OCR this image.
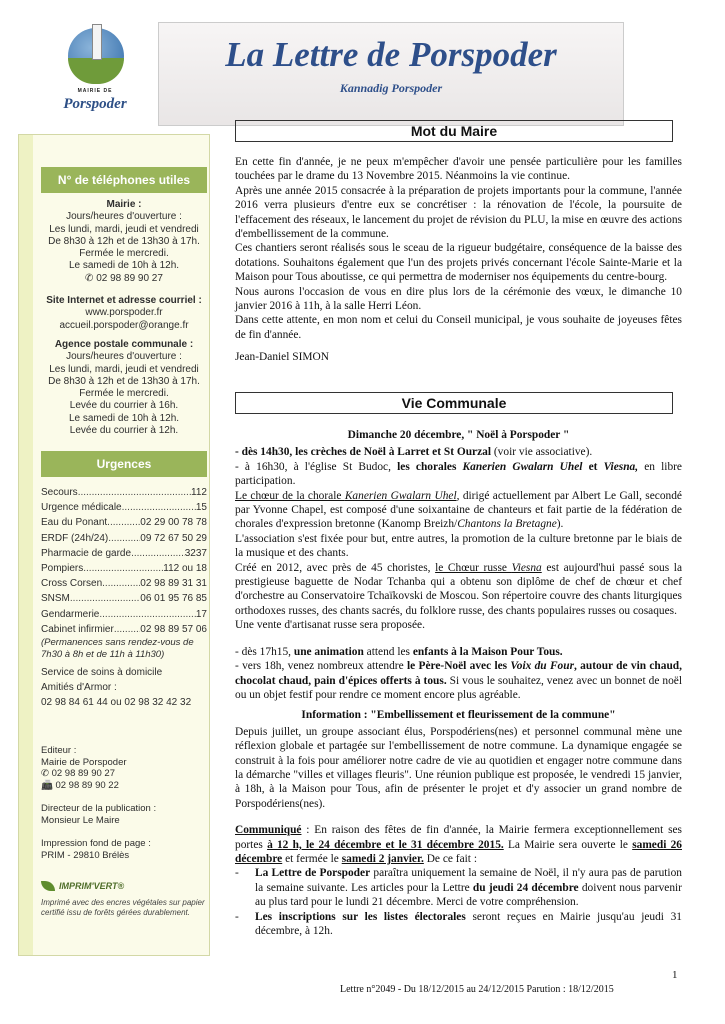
MAIRIE DE
Porspoder
La Lettre de Porspoder
Kannadig Porspoder
N° de téléphones utiles
Mairie :
Jours/heures d'ouverture :
Les lundi, mardi, jeudi et vendredi
De 8h30 à 12h et de 13h30 à 17h.
Fermée le mercredi.
Le samedi de 10h à 12h.
✆ 02 98 89 90 27
Site Internet et adresse courriel :
www.porspoder.fr
accueil.porspoder@orange.fr
Agence postale communale :
Jours/heures d'ouverture :
Les lundi, mardi, jeudi et vendredi
De 8h30 à 12h et de 13h30 à 17h.
Fermée le mercredi.
Levée du courrier à 16h.
Le samedi de 10h à 12h.
Levée du courrier à 12h.
Urgences
Secours .....	112
Urgence médicale .....	15
Eau du Ponant .....	02 29 00 78 78
ERDF (24h/24) .....	09 72 67 50 29
Pharmacie de garde .....	3237
Pompiers .....	112 ou 18
Cross Corsen .....	02 98 89 31 31
SNSM .....	06 01 95 76 85
Gendarmerie .....	17
Cabinet infirmier .....	02 98 89 57 06
(Permanences sans rendez-vous de 7h30 à 8h et de 11h à 11h30)
Service de soins à domicile
Amitiés d'Armor :
02 98 84 61 44 ou 02 98 32 42 32
Editeur :
Mairie de Porspoder
✆ 02 98 89 90 27
📠 02 98 89 90 22
Directeur de la publication :
Monsieur Le Maire
Impression fond de page :
PRIM - 29810 Brélès
IMPRIM'VERT®
Imprimé avec des encres végétales sur papier certifié issu de forêts gérées durablement.
Mot du Maire

En cette fin d'année, je ne peux m'empêcher d'avoir une pensée particulière pour les familles touchées par le drame du 13 Novembre 2015. Néanmoins la vie continue.

Après une année 2015 consacrée à la préparation de projets importants pour la commune, l'année 2016 verra plusieurs d'entre eux se concrétiser : la rénovation de l'école, la poursuite de l'effacement des réseaux, le lancement du projet de révision du PLU, la mise en œuvre des actions d'embellissement de la commune.

Ces chantiers seront réalisés sous le sceau de la rigueur budgétaire, conséquence de la baisse des dotations. Souhaitons également que l'un des projets privés concernant l'école Sainte-Marie et la Maison pour Tous aboutisse, ce qui permettra de moderniser nos équipements du centre-bourg.

Nous aurons l'occasion de vous en dire plus lors de la cérémonie des vœux, le dimanche 10 janvier 2016 à 11h, à la salle Herri Léon.

Dans cette attente, en mon nom et celui du Conseil municipal, je vous souhaite de joyeuses fêtes de fin d'année.

Jean-Daniel SIMON

Vie Communale

Dimanche 20 décembre, " Noël à Porspoder "

- dès 14h30, les crèches de Noël à Larret et St Ourzal (voir vie associative).

- à 16h30, à l'église St Budoc, les chorales Kanerien Gwalarn Uhel et Viesna, en libre participation.

Le chœur de la chorale Kanerien Gwalarn Uhel, dirigé actuellement par Albert Le Gall, secondé par Yvonne Chapel, est composé d'une soixantaine de chanteurs et fait partie de la fédération de chorales d'expression bretonne (Kanomp Breizh/Chantons la Bretagne).

L'association s'est fixée pour but, entre autres, la promotion de la culture bretonne par le biais de la musique et des chants.

Créé en 2012, avec près de 45 choristes, le Chœur russe Viesna est aujourd'hui passé sous la prestigieuse baguette de Nodar Tchanba qui a obtenu son diplôme de chef de chœur et chef d'orchestre au Conservatoire Tchaïkovski de Moscou. Son répertoire couvre des chants liturgiques orthodoxes russes, des chants sacrés, du folklore russe, des chants populaires russes ou cosaques.

Une vente d'artisanat russe sera proposée.

- dès 17h15, une animation attend les enfants à la Maison Pour Tous.

- vers 18h, venez nombreux attendre le Père-Noël avec les Voix du Four, autour de vin chaud, chocolat chaud, pain d'épices offerts à tous. Si vous le souhaitez, venez avec un bonnet de noël ou un objet festif pour rendre ce moment encore plus agréable.

Information : "Embellissement et fleurissement de la commune"

Depuis juillet, un groupe associant élus, Porspodériens(nes) et personnel communal mène une réflexion globale et partagée sur l'embellissement de notre commune. La dynamique engagée se construit à la fois pour améliorer notre cadre de vie au quotidien et engager notre commune dans la démarche "villes et villages fleuris". Une réunion publique est proposée, le vendredi 15 janvier, à 18h, à la Maison pour Tous, afin de présenter le projet et d'y associer un grand nombre de Porspodériens(nes).

Communiqué : En raison des fêtes de fin d'année, la Mairie fermera exceptionnellement ses portes à 12 h, le 24 décembre et le 31 décembre 2015. La Mairie sera ouverte le samedi 26 décembre et fermée le samedi 2 janvier. De ce fait :

-	La Lettre de Porspoder paraîtra uniquement la semaine de Noël, il n'y aura pas de parution la semaine suivante. Les articles pour la Lettre du jeudi 24 décembre doivent nous parvenir au plus tard pour le lundi 21 décembre. Merci de votre compréhension.
-	Les inscriptions sur les listes électorales seront reçues en Mairie jusqu'au jeudi 31 décembre, à 12h.
1
Lettre n°2049 - Du 18/12/2015 au 24/12/2015 Parution : 18/12/2015
